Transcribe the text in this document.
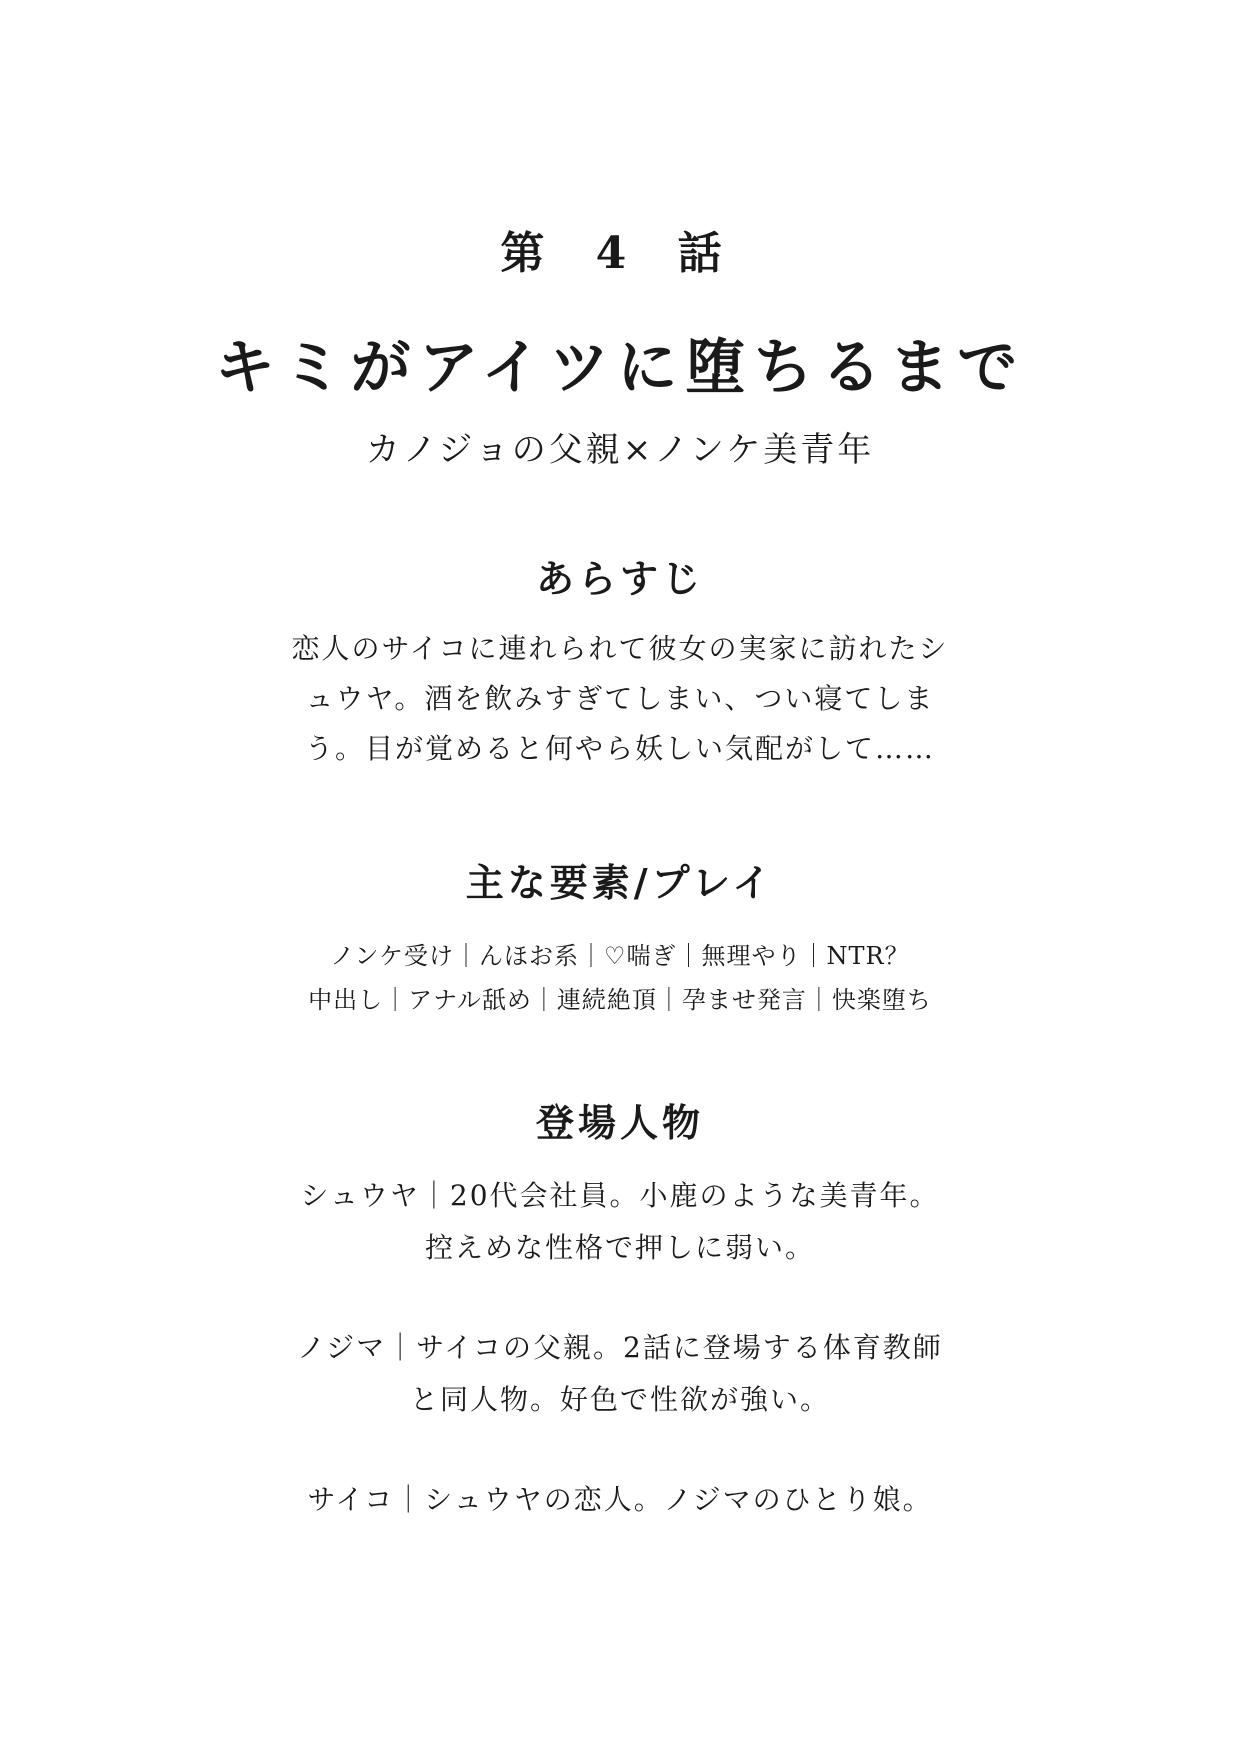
第 4 話
キミがアイツに堕ちるまで
カノジョの父親×ノンケ美青年
あらすじ
恋人のサイコに連れられて彼女の実家に訪れたシ
ュウヤ。酒を飲みすぎてしまい、つい寝てしま
う。目が覚めると何やら妖しい気配がして……
主な要素/プレイ
ノンケ受け｜んほお系｜♡喘ぎ｜無理やり｜NTR？
中出し｜アナル舐め｜連続絶頂｜孕ませ発言｜快楽堕ち
登場人物
シュウヤ｜20代会社員。小鹿のような美青年。
控えめな性格で押しに弱い。
ノジマ｜サイコの父親。2話に登場する体育教師
と同人物。好色で性欲が強い。
サイコ｜シュウヤの恋人。ノジマのひとり娘。
